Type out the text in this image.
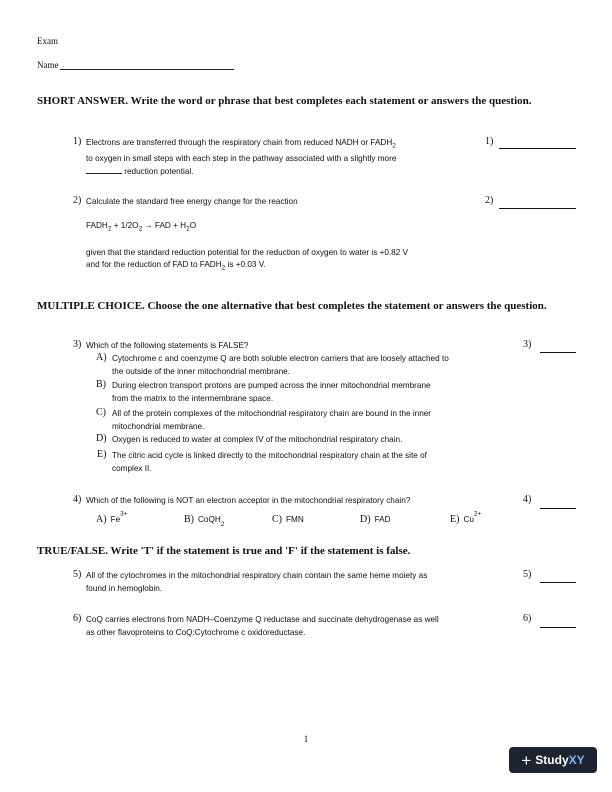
Exam
Name
SHORT ANSWER. Write the word or phrase that best completes each statement or answers the question.
1) Electrons are transferred through the respiratory chain from reduced NADH or $FADH_2$
to oxygen in small steps with each step in the pathway associated with a slightly more
reduction potential.
1)
2) Calculate the standard free energy change for the reaction
$FADH_2 + 1/2O_2$ → FAD + $H_2O$
given that the standard reduction potential for the reduction of oxygen to water is +0.82 V
and for the reduction of FAD to $FADH_2$ is +0.03 V.
2)
MULTIPLE CHOICE. Choose the one alternative that best completes the statement or answers the question.
3) Which of the following statements is FALSE?	3)
A) Cytochrome c and coenzyme Q are both soluble electron carriers that are loosely attached to
the outside of the inner mitochondrial membrane.
B) During electron transport protons are pumped across the inner mitochondrial membrane
from the matrix to the intermembrane space.
C) All of the protein complexes of the mitochondrial respiratory chain are bound in the inner
mitochondrial membrane.
D) Oxygen is reduced to water at complex IV of the mitochondrial respiratory chain.
E) The citric acid cycle is linked directly to the mitochondrial respiratory chain at the site of
complex II.
4) Which of the following is NOT an electron acceptor in the mitochondrial respiratory chain?	4)
A) $Fe^{3+}$	B) CoQH$_2$	C) FMN	D) FAD	E) $Cu^{2+}$
TRUE/FALSE. Write 'T' if the statement is true and 'F' if the statement is false.
5) All of the cytochromes in the mitochondrial respiratory chain contain the same heme moiety as
found in hemoglobin.
5)
6) CoQ carries electrons from NADH–Coenzyme Q reductase and succinate dehydrogenase as well
as other flavoproteins to CoQ:Cytochrome c oxidoreductase.
6)
1
+ Study XY
